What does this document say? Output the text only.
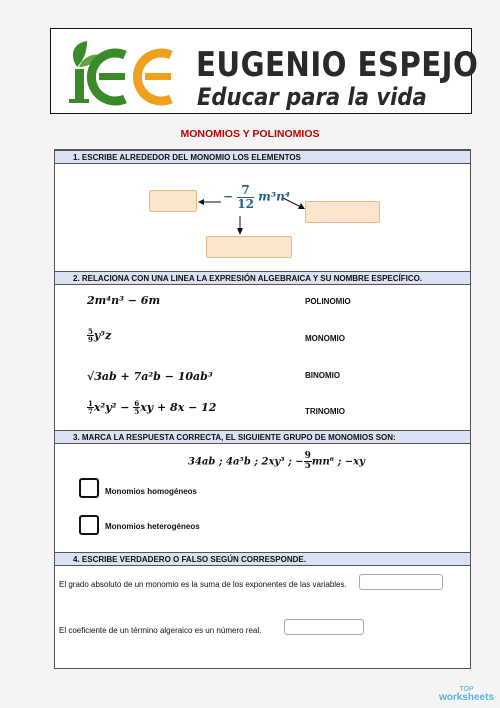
EUGENIO ESPEJO
Educar para la vida
MONOMIOS Y POLINOMIOS
1. ESCRIBE ALREDEDOR DEL MONOMIO LOS ELEMENTOS
− $\frac{7}{12} m^3n^4$
2. RELACIONA CON UNA LINEA LA EXPRESIÓN ALGEBRAICA Y SU NOMBRE ESPECÍFICO.
2m⁴n³ − 6m
$\frac{5}{9} y^5z$
√3ab + 7a²b − 10ab³
$\frac{1}{7} x^2y^2 - \frac{6}{5}$ xy + 8x − 12
POLINOMIO
MONOMIO
BINOMIO
TRINOMIO
3. MARCA LA RESPUESTA CORRECTA, EL SIGUIENTE GRUPO DE MONOMIOS SON:
34ab ; 4a⁵b ; 2xy³ ; − $\frac{9}{5} mn^6$ ; −xy
Monomios homogéneos
Monomios heterogéneos
4. ESCRIBE VERDADERO O FALSO SEGÚN CORRESPONDE.
El grado absoluto de un monomio es la suma de los exponentes de las variables.
El coeficiente de un término algeraico es un número real.
TOP
worksheets
